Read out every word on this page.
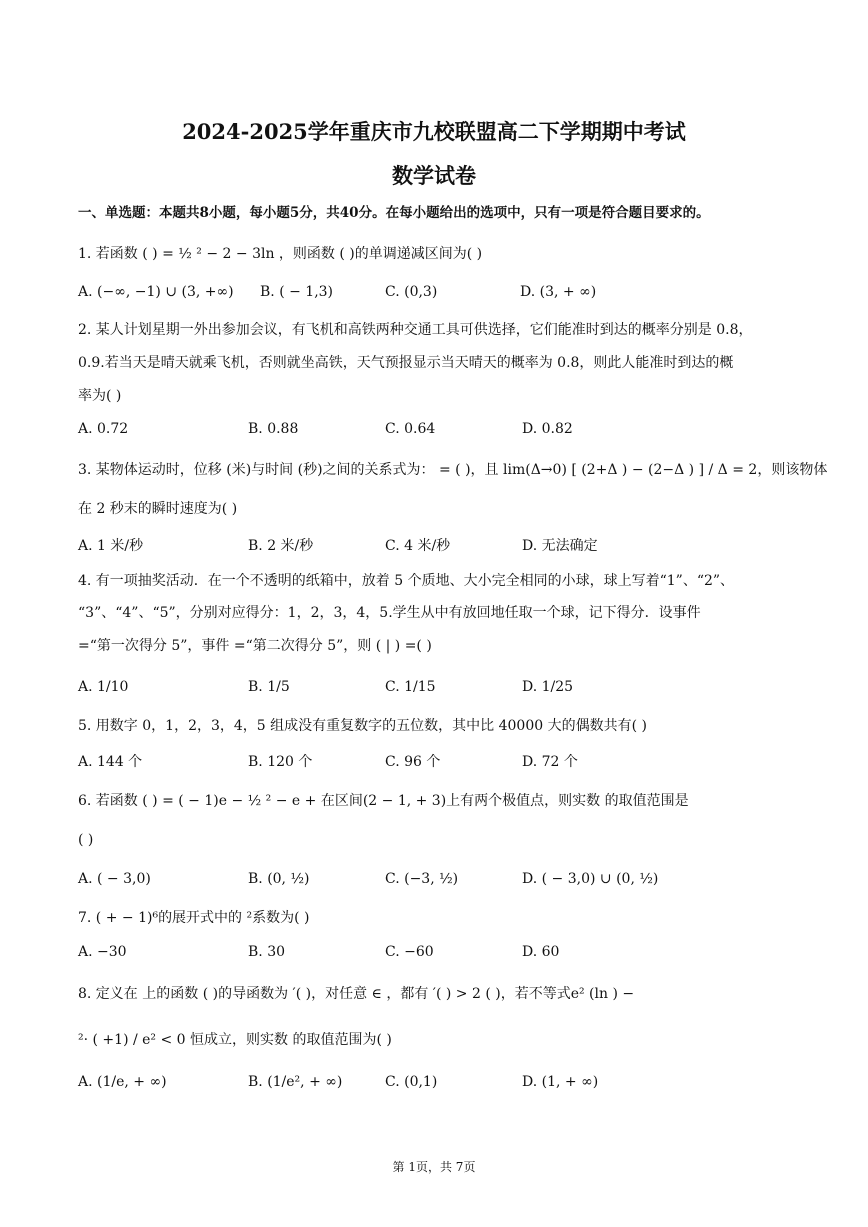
2024-2025学年重庆市九校联盟高二下学期期中考试
数学试卷
一、单选题：本题共8小题，每小题5分，共40分。在每小题给出的选项中，只有一项是符合题目要求的。
1. 若函数 ( ) = ½ ² − 2 − 3ln ，则函数 ( )的单调递减区间为( )
A. (−∞, −1) ∪ (3, +∞) B. ( − 1,3)	C. (0,3)	D. (3, + ∞)
2. 某人计划星期一外出参加会议，有飞机和高铁两种交通工具可供选择，它们能准时到达的概率分别是 0.8，
0.9.若当天是晴天就乘飞机，否则就坐高铁，天气预报显示当天晴天的概率为 0.8，则此人能准时到达的概
率为( )
A. 0.72	B. 0.88	C. 0.64	D. 0.82
3. 某物体运动时，位移 (米)与时间 (秒)之间的关系式为： = ( )，且 lim(Δ→0) [ (2+Δ ) − (2−Δ ) ] / Δ = 2，则该物体
在 2 秒末的瞬时速度为( )
A. 1 米/秒	B. 2 米/秒	C. 4 米/秒	D. 无法确定
4. 有一项抽奖活动．在一个不透明的纸箱中，放着 5 个质地、大小完全相同的小球，球上写着“1”、“2”、
“3”、“4”、“5”，分别对应得分：1，2，3，4，5.学生从中有放回地任取一个球，记下得分．设事件
=“第一次得分 5”，事件 =“第二次得分 5”，则 ( | ) =( )
A. 1/10	B. 1/5	C. 1/15	D. 1/25
5. 用数字 0，1，2，3，4，5 组成没有重复数字的五位数，其中比 40000 大的偶数共有( )
A. 144 个	B. 120 个	C. 96 个	D. 72 个
6. 若函数 ( ) = ( − 1)e − ½ ² − e + 在区间(2 − 1, + 3)上有两个极值点，则实数 的取值范围是
( )
A. ( − 3,0)	B. (0, ½)	C. (−3, ½)	D. ( − 3,0) ∪ (0, ½)
7. ( + − 1)⁶的展开式中的 ²系数为( )
A. −30	B. 30	C. −60	D. 60
8. 定义在 上的函数 ( )的导函数为 ′( )，对任意 ∈ ，都有 ′( ) > 2 ( )，若不等式e² (ln ) −
²· ( +1) / e² < 0 恒成立，则实数 的取值范围为( )
A. (1/e, + ∞)	B. (1/e², + ∞)	C. (0,1)	D. (1, + ∞)
第 1页，共 7页
